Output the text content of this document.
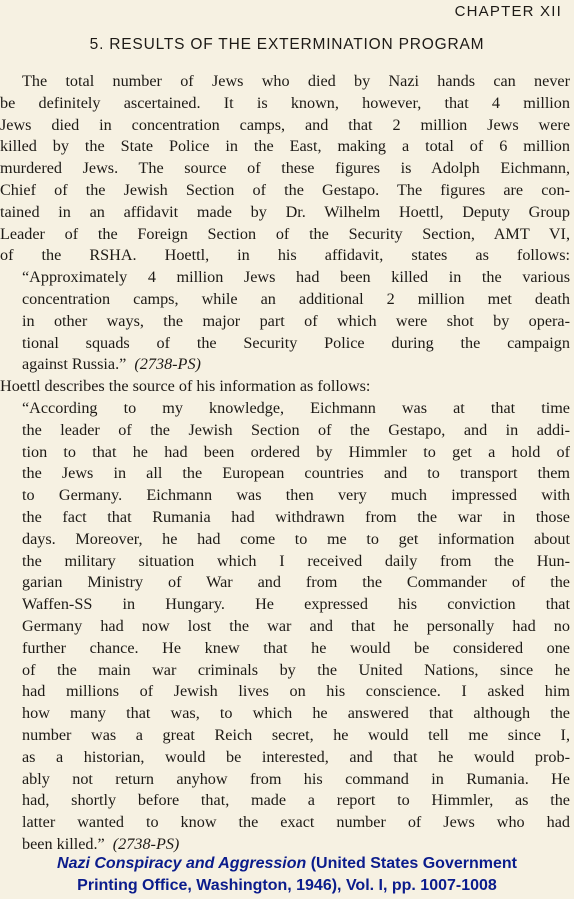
CHAPTER XII
5. RESULTS OF THE EXTERMINATION PROGRAM
The total number of Jews who died by Nazi hands can never
be definitely ascertained. It is known, however, that 4 million
Jews died in concentration camps, and that 2 million Jews were
killed by the State Police in the East, making a total of 6 million
murdered Jews. The source of these figures is Adolph Eichmann,
Chief of the Jewish Section of the Gestapo. The figures are con-
tained in an affidavit made by Dr. Wilhelm Hoettl, Deputy Group
Leader of the Foreign Section of the Security Section, AMT VI,
of the RSHA. Hoettl, in his affidavit, states as follows:
“Approximately 4 million Jews had been killed in the various
concentration camps, while an additional 2 million met death
in other ways, the major part of which were shot by opera-
tional squads of the Security Police during the campaign
against Russia.” (2738-PS)
Hoettl describes the source of his information as follows:
“According to my knowledge, Eichmann was at that time
the leader of the Jewish Section of the Gestapo, and in addi-
tion to that he had been ordered by Himmler to get a hold of
the Jews in all the European countries and to transport them
to Germany. Eichmann was then very much impressed with
the fact that Rumania had withdrawn from the war in those
days. Moreover, he had come to me to get information about
the military situation which I received daily from the Hun-
garian Ministry of War and from the Commander of the
Waffen-SS in Hungary. He expressed his conviction that
Germany had now lost the war and that he personally had no
further chance. He knew that he would be considered one
of the main war criminals by the United Nations, since he
had millions of Jewish lives on his conscience. I asked him
how many that was, to which he answered that although the
number was a great Reich secret, he would tell me since I,
as a historian, would be interested, and that he would prob-
ably not return anyhow from his command in Rumania. He
had, shortly before that, made a report to Himmler, as the
latter wanted to know the exact number of Jews who had
been killed.” (2738-PS)
Nazi Conspiracy and Aggression (United States Government
Printing Office, Washington, 1946), Vol. I, pp. 1007-1008
